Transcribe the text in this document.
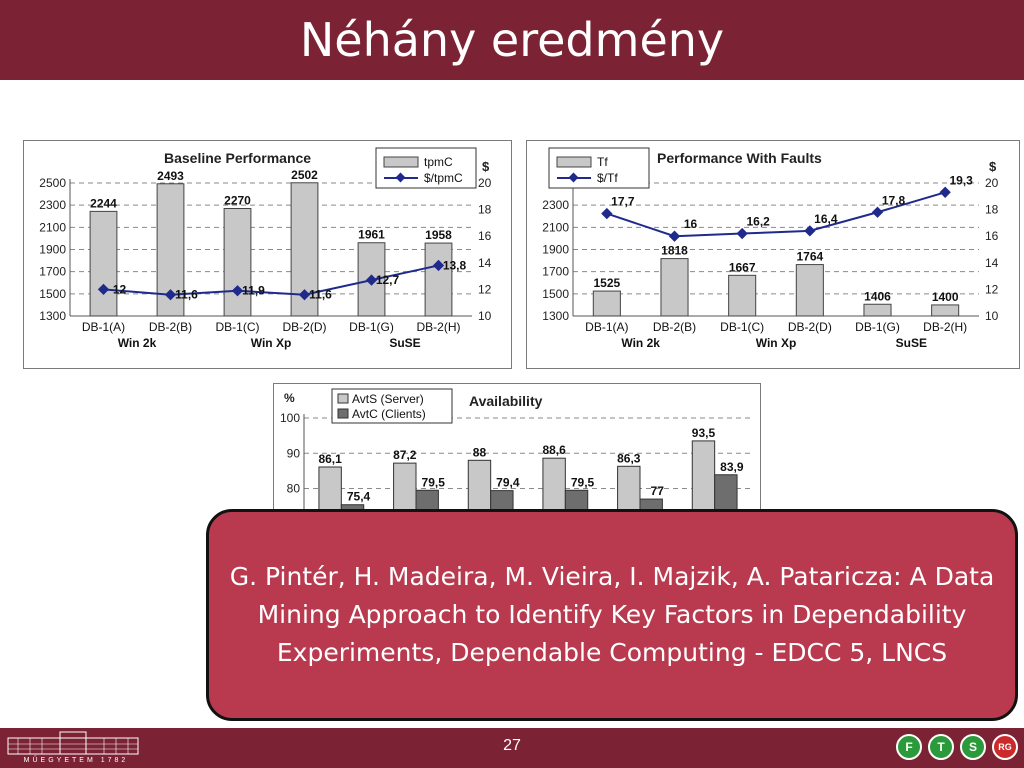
Néhány eredmény
1300
1500
1700
1900
2100
2300
2500
10
12
14
16
18
20
$
2244
DB-1(A)
2493
DB-2(B)
2270
DB-1(C)
2502
DB-2(D)
1961
DB-1(G)
1958
DB-2(H)
Win 2k	Win Xp	SuSE
12	11,6	11,9	11,6
12,7
13,8
Baseline Performance	tpmC
$/tpmC
1300
1500
1700
1900
2100
2300
10
12
14
16
18
20
$
1525
DB-1(A)
1818
DB-2(B)
1667
DB-1(C)
1764
DB-2(D)
1406
DB-1(G)
1400
DB-2(H)
Win 2k	Win Xp	SuSE
17,7
16	16,2	16,4
17,8
19,3
Performance With Faults
Tf
$/Tf
80
90
100
%
86,1	87,2	88	88,6
86,3
93,5
75,4
79,5	79,4	79,5
77
83,9
Availability
AvtS (Server)
AvtC (Clients)

G. Pintér, H. Madeira, M. Vieira, I. Majzik, A. Pataricza: A Data Mining Approach to Identify Key Factors in Dependability Experiments, Dependable Computing - EDCC 5, LNCS

MŰEGYETEM 1782
27	F	T	S	RG
